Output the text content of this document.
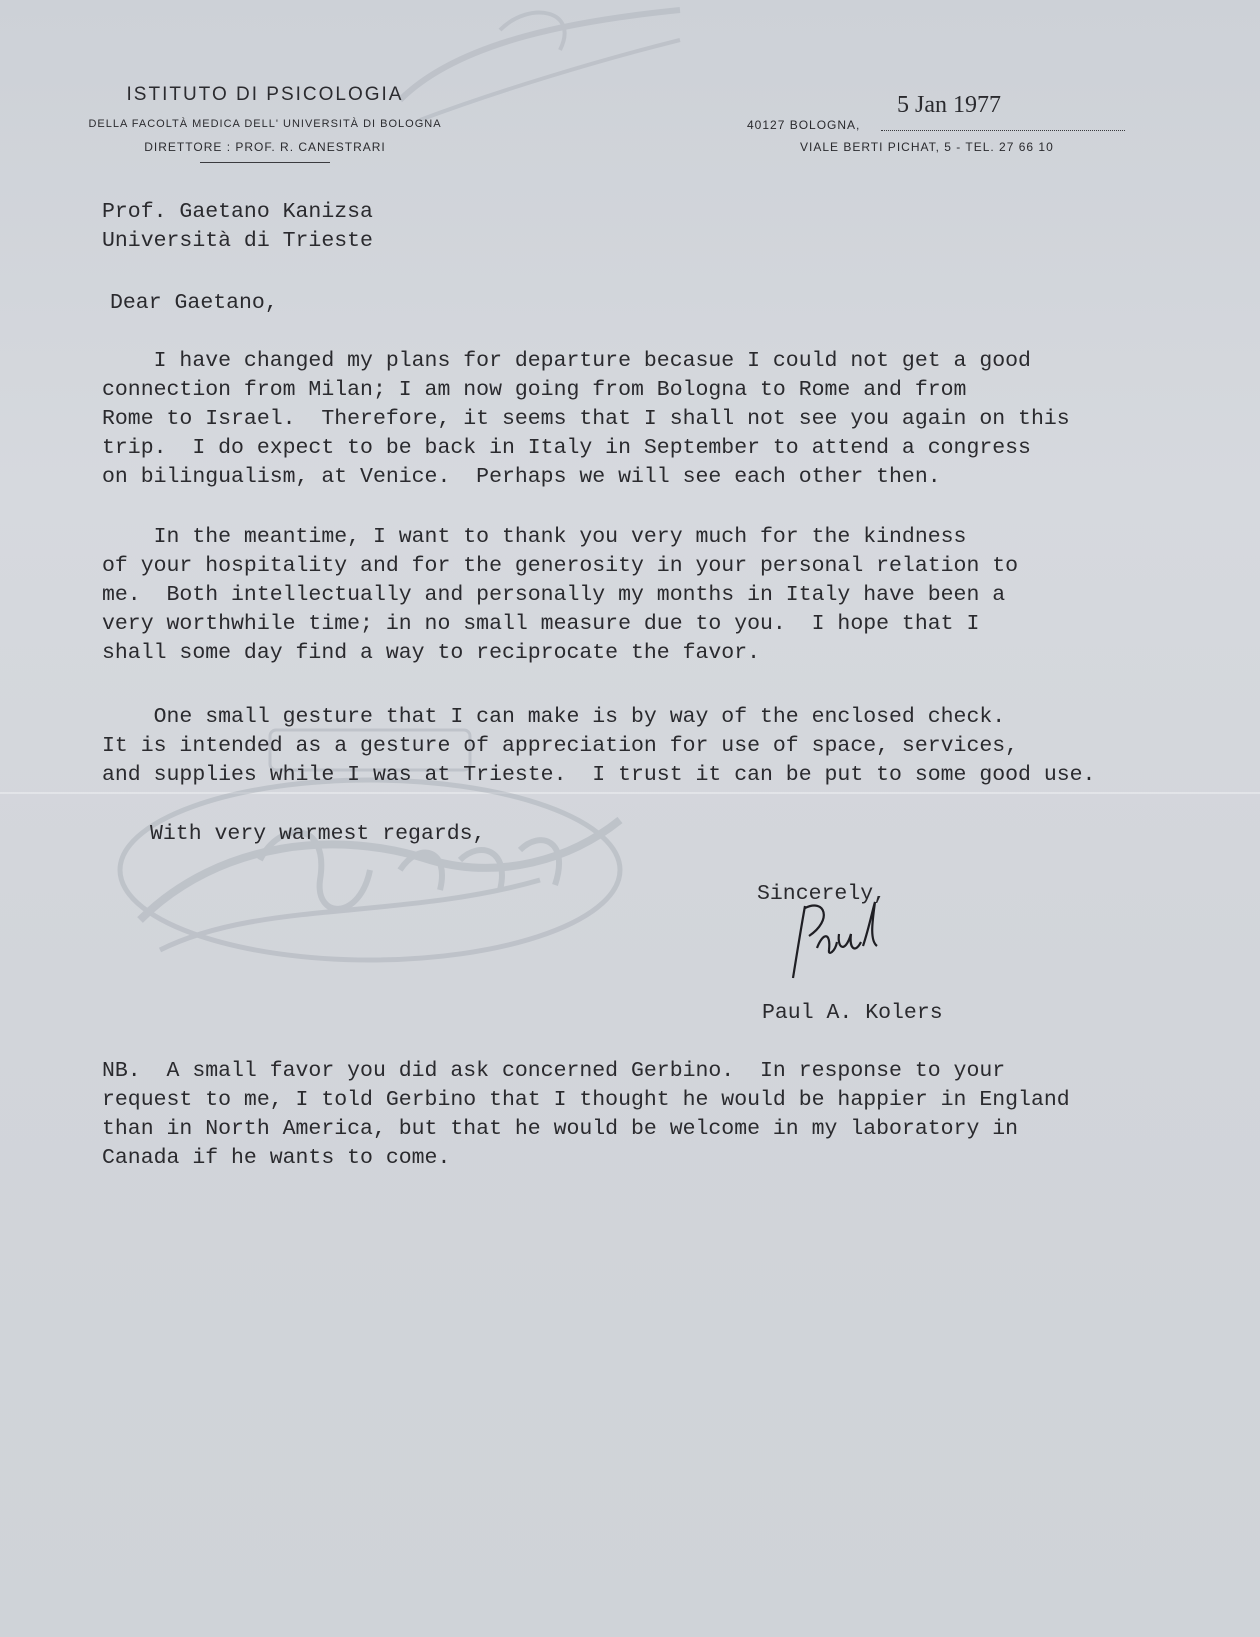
ISTITUTO DI PSICOLOGIA
DELLA FACOLTÀ MEDICA DELL' UNIVERSITÀ DI BOLOGNA
DIRETTORE : PROF. R. CANESTRARI
5 Jan 1977
40127 BOLOGNA,
VIALE BERTI PICHAT, 5 - TEL. 27 66 10
Prof. Gaetano Kanizsa
Università di Trieste
Dear Gaetano,
I have changed my plans for departure becasue I could not get a good
connection from Milan; I am now going from Bologna to Rome and from
Rome to Israel.  Therefore, it seems that I shall not see you again on this
trip.  I do expect to be back in Italy in September to attend a congress
on bilingualism, at Venice.  Perhaps we will see each other then.
In the meantime, I want to thank you very much for the kindness
of your hospitality and for the generosity in your personal relation to
me.  Both intellectually and personally my months in Italy have been a
very worthwhile time; in no small measure due to you.  I hope that I
shall some day find a way to reciprocate the favor.
One small gesture that I can make is by way of the enclosed check.
It is intended as a gesture of appreciation for use of space, services,
and supplies while I was at Trieste.  I trust it can be put to some good use.
With very warmest regards,
Sincerely,
Paul A. Kolers
NB.  A small favor you did ask concerned Gerbino.  In response to your
request to me, I told Gerbino that I thought he would be happier in England
than in North America, but that he would be welcome in my laboratory in
Canada if he wants to come.
